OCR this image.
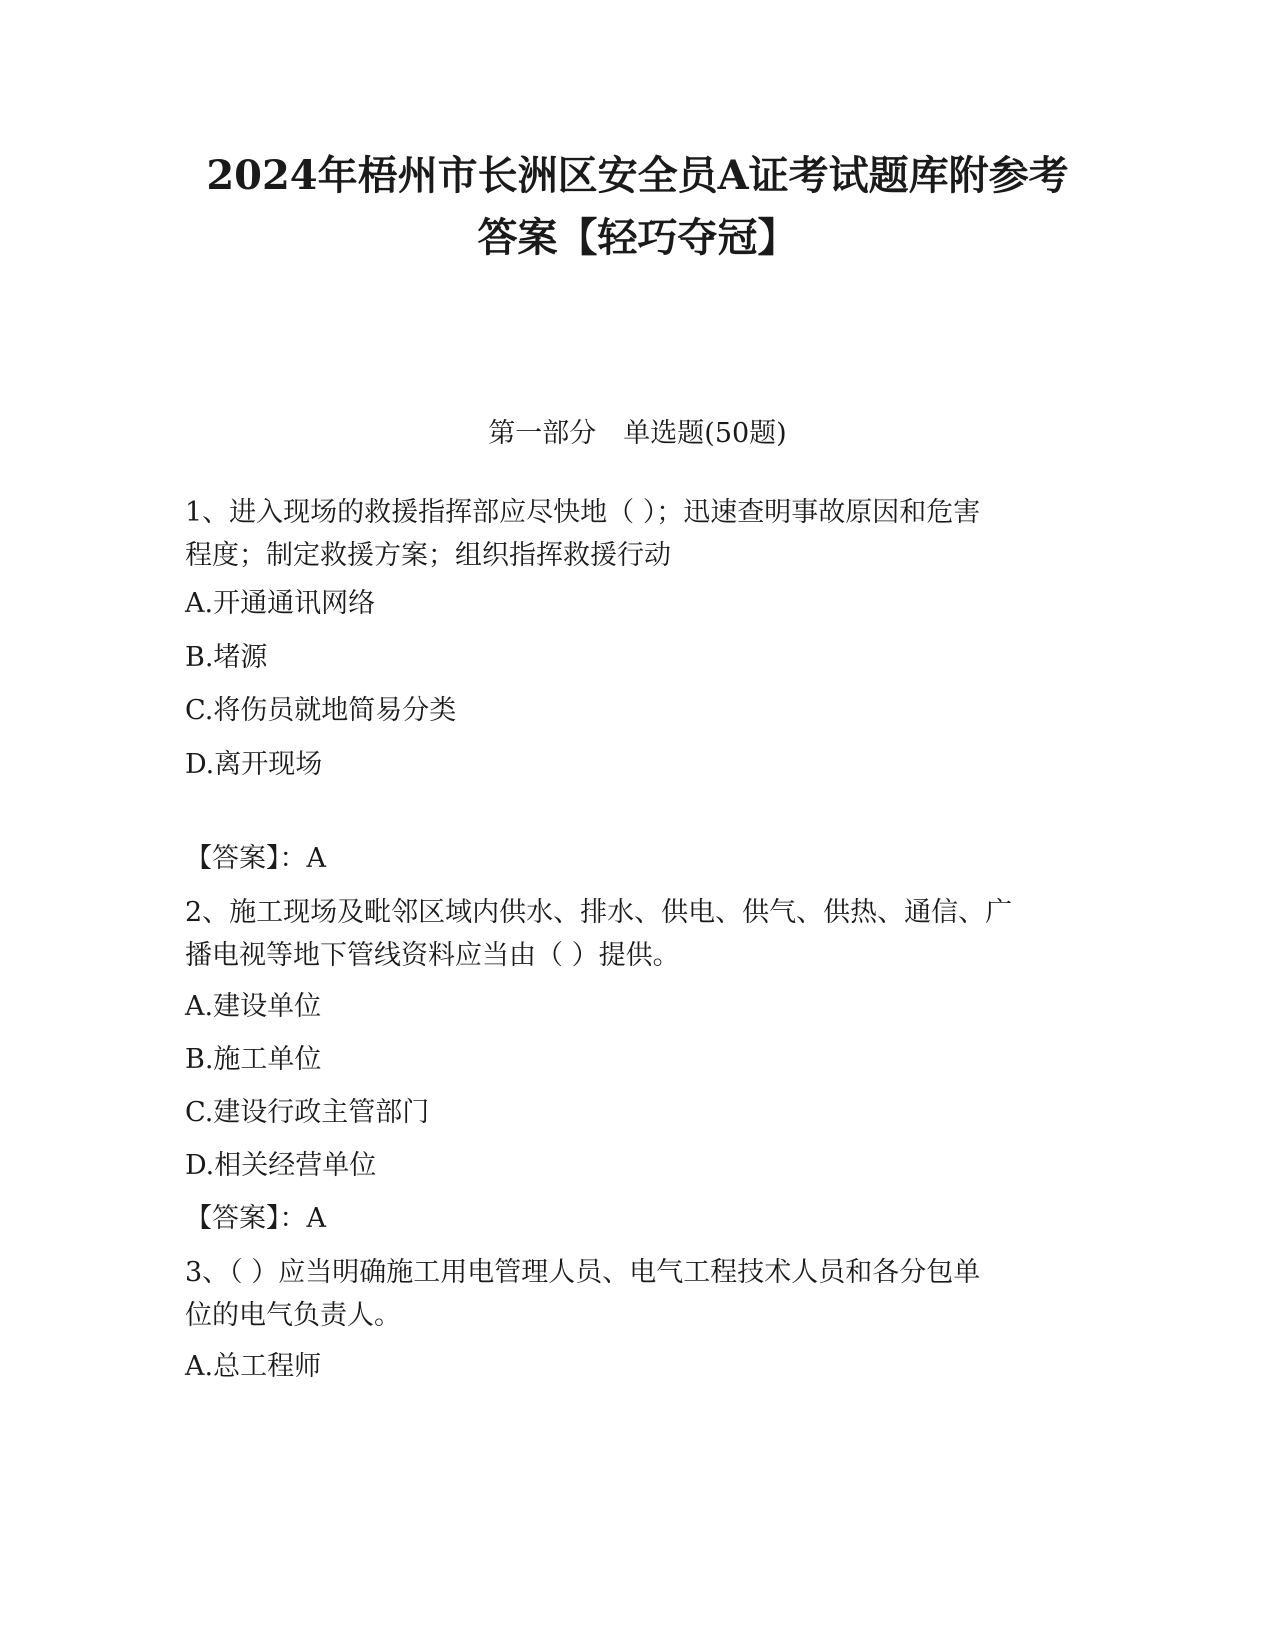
2024年梧州市长洲区安全员A证考试题库附参考
答案【轻巧夺冠】
第一部分　单选题(50题)
1、进入现场的救援指挥部应尽快地（ ）；迅速查明事故原因和危害
程度；制定救援方案；组织指挥救援行动
A.开通通讯网络
B.堵源
C.将伤员就地简易分类
D.离开现场
【答案】：A
2、施工现场及毗邻区域内供水、排水、供电、供气、供热、通信、广
播电视等地下管线资料应当由（ ）提供。
A.建设单位
B.施工单位
C.建设行政主管部门
D.相关经营单位
【答案】：A
3、（ ）应当明确施工用电管理人员、电气工程技术人员和各分包单
位的电气负责人。
A.总工程师
